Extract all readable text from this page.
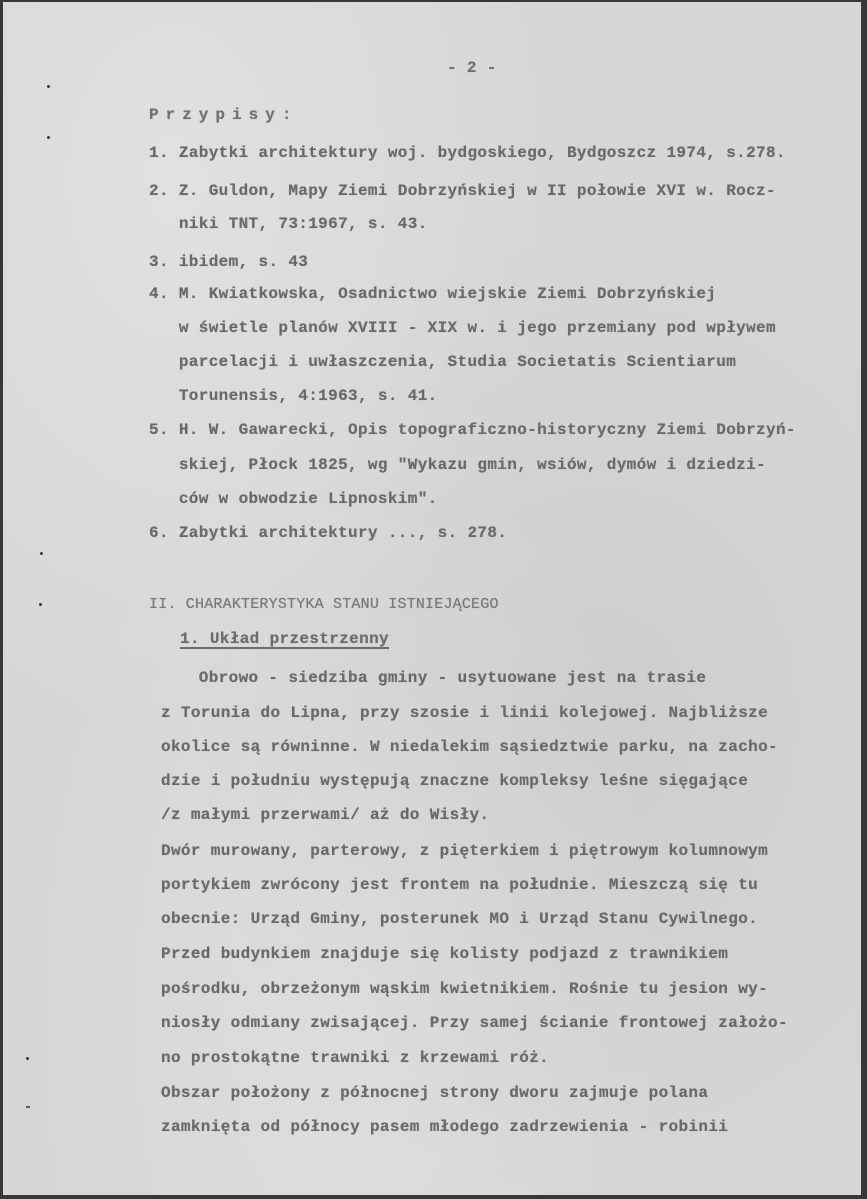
- 2 -
Przypisy:
1. Zabytki architektury woj. bydgoskiego, Bydgoszcz 1974, s.278.
2. Z. Guldon, Mapy Ziemi Dobrzyńskiej w II połowie XVI w. Rocz-
niki TNT, 73:1967, s. 43.
3. ibidem, s. 43
4. M. Kwiatkowska, Osadnictwo wiejskie Ziemi Dobrzyńskiej
w świetle planów XVIII - XIX w. i jego przemiany pod wpływem
parcelacji i uwłaszczenia, Studia Societatis Scientiarum
Torunensis, 4:1963, s. 41.
5. H. W. Gawarecki, Opis topograficzno-historyczny Ziemi Dobrzyń-
skiej, Płock 1825, wg "Wykazu gmin, wsiów, dymów i dziedzi-
ców w obwodzie Lipnoskim".
6. Zabytki architektury ..., s. 278.
II. CHARAKTERYSTYKA STANU ISTNIEJĄCEGO
1. Układ przestrzenny
Obrowo - siedziba gminy - usytuowane jest na trasie
z Torunia do Lipna, przy szosie i linii kolejowej. Najbliższe
okolice są równinne. W niedalekim sąsiedztwie parku, na zacho-
dzie i południu występują znaczne kompleksy leśne sięgające
/z małymi przerwami/ aż do Wisły.
Dwór murowany, parterowy, z pięterkiem i piętrowym kolumnowym
portykiem zwrócony jest frontem na południe. Mieszczą się tu
obecnie: Urząd Gminy, posterunek MO i Urząd Stanu Cywilnego.
Przed budynkiem znajduje się kolisty podjazd z trawnikiem
pośrodku, obrzeżonym wąskim kwietnikiem. Rośnie tu jesion wy-
niosły odmiany zwisającej. Przy samej ścianie frontowej założo-
no prostokątne trawniki z krzewami róż.
Obszar położony z północnej strony dworu zajmuje polana
zamknięta od północy pasem młodego zadrzewienia - robinii
